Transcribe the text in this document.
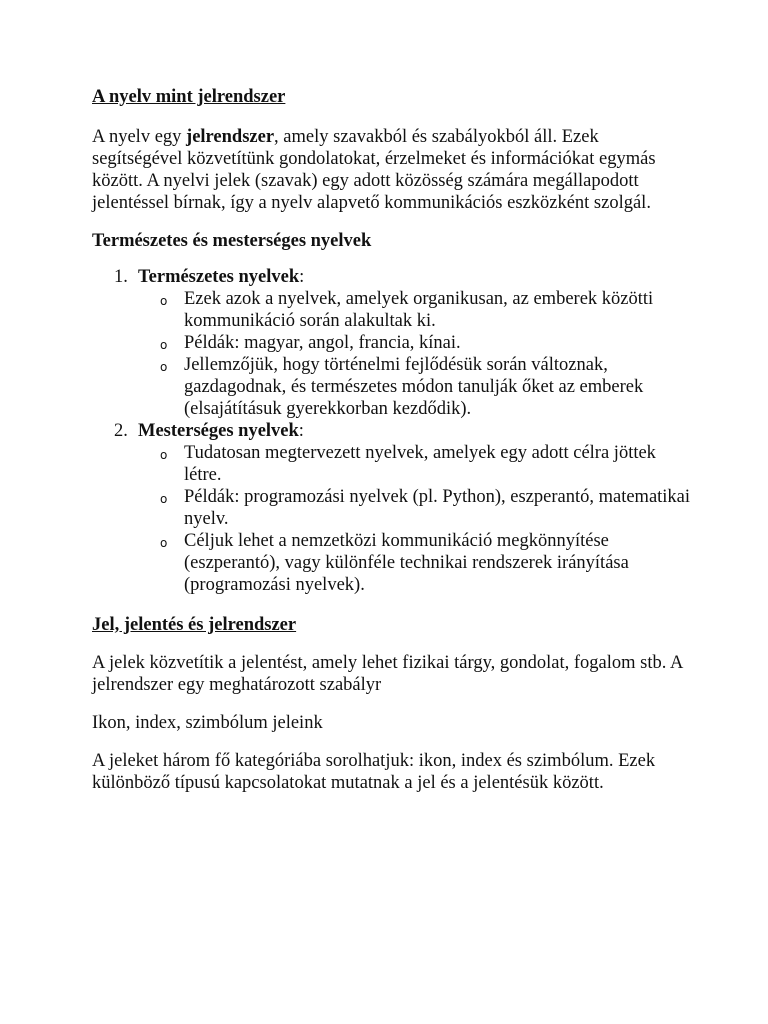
A nyelv mint jelrendszer

A nyelv egy jelrendszer, amely szavakból és szabályokból áll. Ezek segítségével közvetítünk gondolatokat, érzelmeket és információkat egymás között. A nyelvi jelek (szavak) egy adott közösség számára megállapodott jelentéssel bírnak, így a nyelv alapvető kommunikációs eszközként szolgál.

Természetes és mesterséges nyelvek
1. Természetes nyelvek:
o Ezek azok a nyelvek, amelyek organikusan, az emberek közötti kommunikáció során alakultak ki.
o Példák: magyar, angol, francia, kínai.
o Jellemzőjük, hogy történelmi fejlődésük során változnak, gazdagodnak, és természetes módon tanulják őket az emberek (elsajátításuk gyerekkorban kezdődik).
2. Mesterséges nyelvek:
o Tudatosan megtervezett nyelvek, amelyek egy adott célra jöttek létre.
o Példák: programozási nyelvek (pl. Python), eszperantó, matematikai nyelv.
o Céljuk lehet a nemzetközi kommunikáció megkönnyítése (eszperantó), vagy különféle technikai rendszerek irányítása (programozási nyelvek).
Jel, jelentés és jelrendszer

A jelek közvetítik a jelentést, amely lehet fizikai tárgy, gondolat, fogalom stb. A jelrendszer egy meghatározott szabályr

Ikon, index, szimbólum jeleink

A jeleket három fő kategóriába sorolhatjuk: ikon, index és szimbólum. Ezek különböző típusú kapcsolatokat mutatnak a jel és a jelentésük között.
